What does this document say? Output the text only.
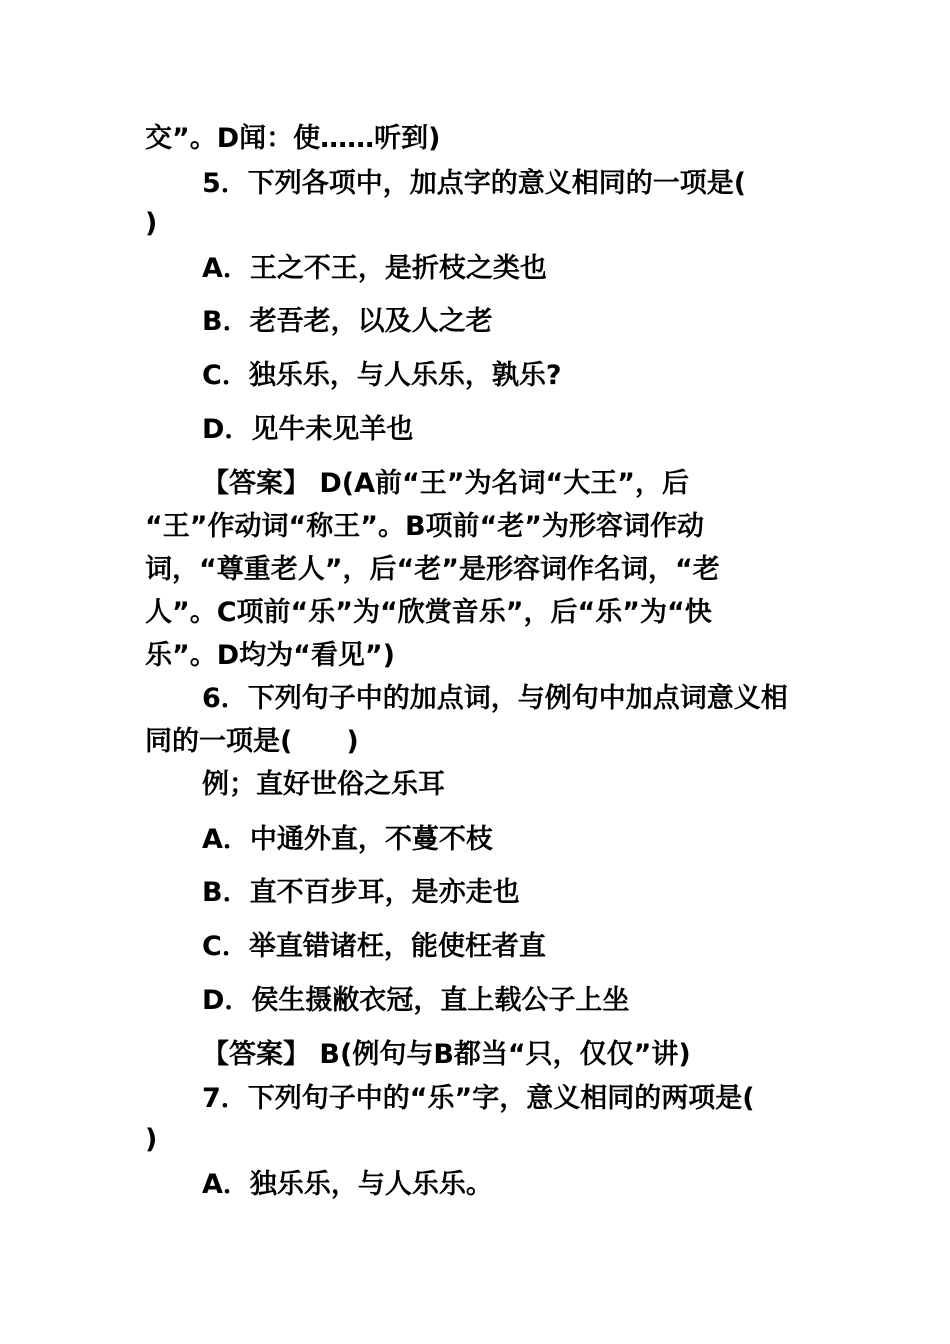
交”。D闻：使……听到)
5．下列各项中，加点字的意义相同的一项是(
)
A．王之不王，是折枝之类也
B．老吾老，以及人之老
C．独乐乐，与人乐乐，孰乐?
D．见牛未见羊也
【答案】 D(A前“王”为名词“大王”，后
“王”作动词“称王”。B项前“老”为形容词作动
词，“尊重老人”，后“老”是形容词作名词，“老
人”。C项前“乐”为“欣赏音乐”，后“乐”为“快
乐”。D均为“看见”)
6．下列句子中的加点词，与例句中加点词意义相
同的一项是(　　)
例；直好世俗之乐耳
A．中通外直，不蔓不枝
B．直不百步耳，是亦走也
C．举直错诸枉，能使枉者直
D．侯生摄敝衣冠，直上载公子上坐
【答案】 B(例句与B都当“只，仅仅”讲)
7．下列句子中的“乐”字，意义相同的两项是(
)
A．独乐乐，与人乐乐。
